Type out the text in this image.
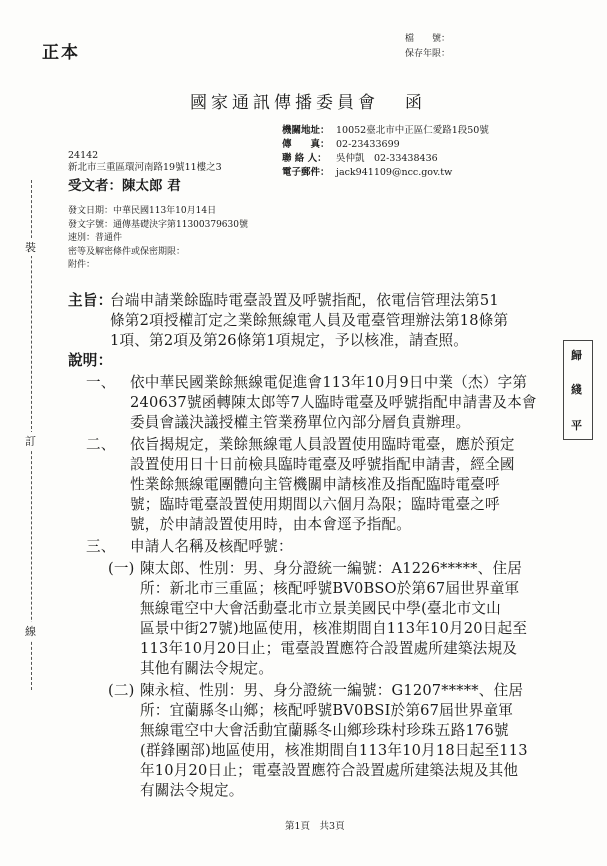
正本
檔　　號：
保存年限：
國家通訊傳播委員會 函
機關地址： 10052臺北市中正區仁愛路1段50號
傳　　真： 02-23433699
聯 絡 人： 吳仲凱　02-33438436
電子郵件： jack941109@ncc.gov.tw
24142
新北市三重區環河南路19號11樓之3
受文者：陳太郎 君
發文日期：中華民國113年10月14日
發文字號：通傳基礎決字第11300379630號
速別：普通件
密等及解密條件或保密期限：
附件：
主旨：
台端申請業餘臨時電臺設置及呼號指配，依電信管理法第51
條第2項授權訂定之業餘無線電人員及電臺管理辦法第18條第
1項、第2項及第26條第1項規定，予以核准，請查照。
說明：
一、 依中華民國業餘無線電促進會113年10月9日中業（杰）字第
240637號函轉陳太郎等7人臨時電臺及呼號指配申請書及本會
委員會議決議授權主管業務單位內部分層負責辦理。
二、 依旨揭規定，業餘無線電人員設置使用臨時電臺，應於預定
設置使用日十日前檢具臨時電臺及呼號指配申請書，經全國
性業餘無線電團體向主管機關申請核准及指配臨時電臺呼
號；臨時電臺設置使用期間以六個月為限；臨時電臺之呼
號，於申請設置使用時，由本會逕予指配。
三、 申請人名稱及核配呼號：
(一) 陳太郎、性別：男、身分證統一編號：A1226*****、住居
所：新北市三重區；核配呼號BV0BSO於第67屆世界童軍
無線電空中大會活動臺北市立景美國民中學(臺北市文山
區景中街27號)地區使用，核准期間自113年10月20日起至
113年10月20日止；電臺設置應符合設置處所建築法規及
其他有關法令規定。
(二) 陳永楦、性別：男、身分證統一編號：G1207*****、住居
所：宜蘭縣冬山鄉；核配呼號BV0BSI於第67屆世界童軍
無線電空中大會活動宜蘭縣冬山鄉珍珠村珍珠五路176號
(群鋒團部)地區使用，核准期間自113年10月18日起至113
年10月20日止；電臺設置應符合設置處所建築法規及其他
有關法令規定。
裝
訂
線
歸
綫
平
第1頁　共3頁
